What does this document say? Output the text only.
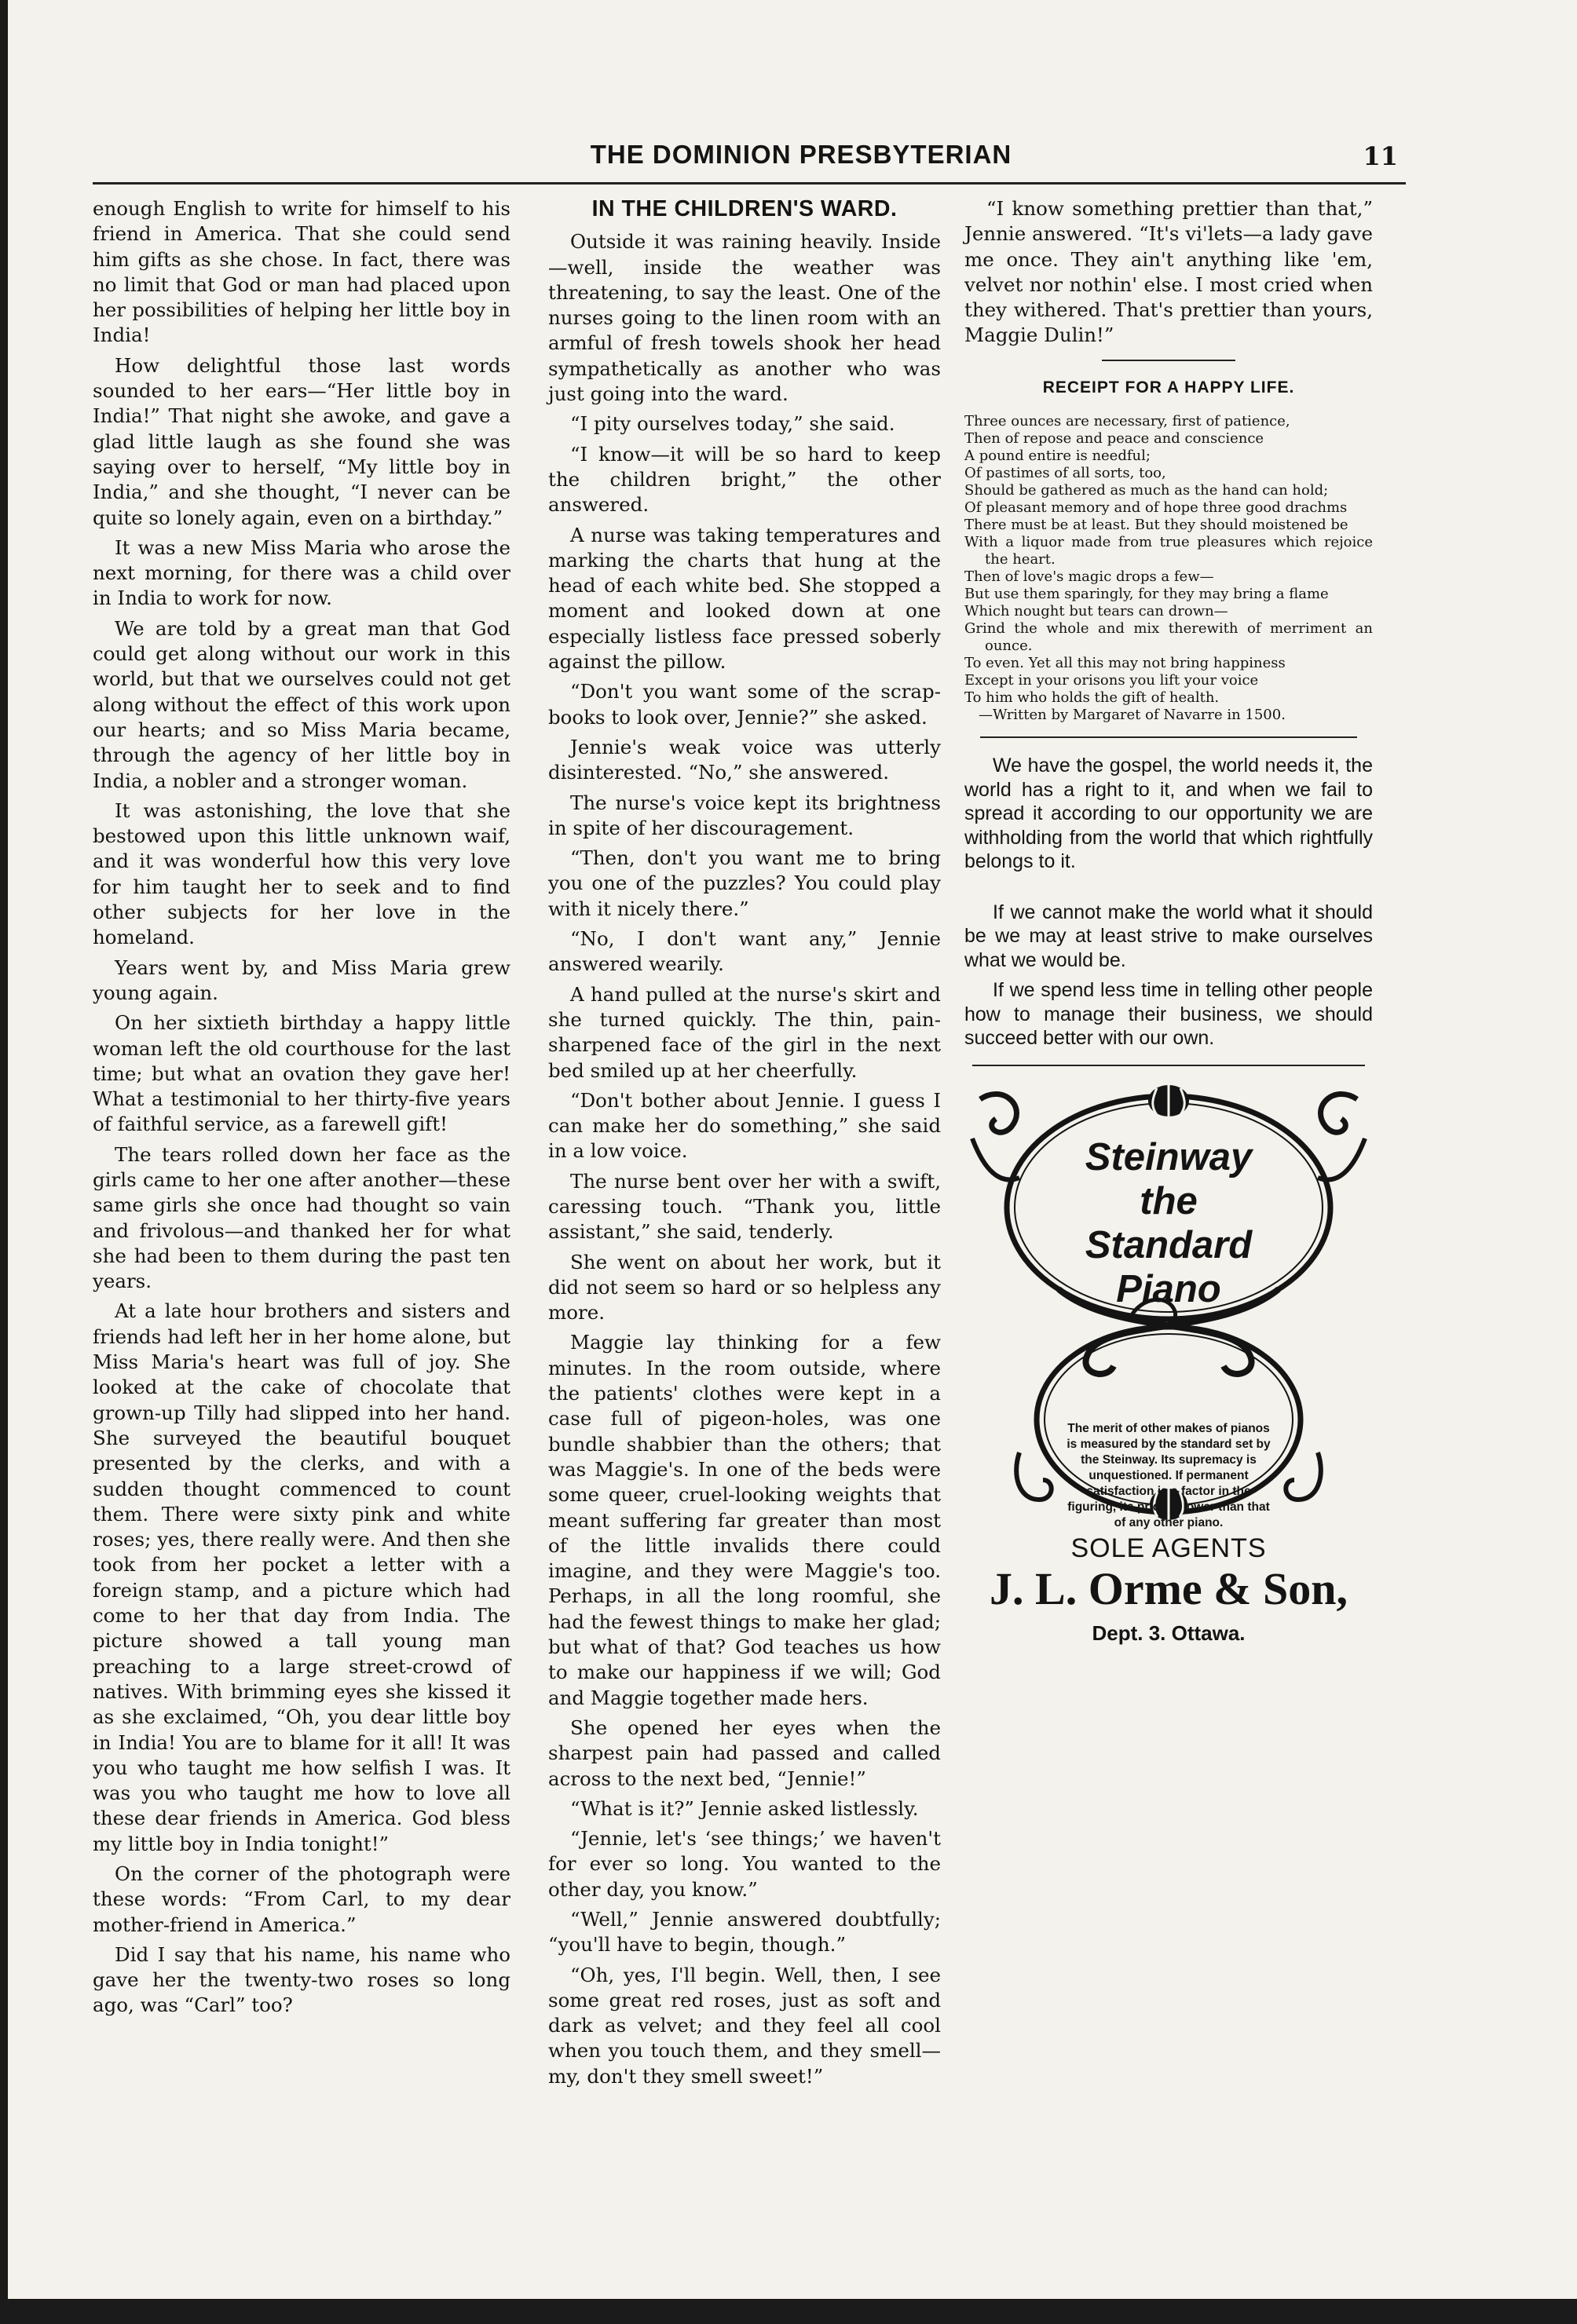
THE DOMINION PRESBYTERIAN	11

enough English to write for himself to his friend in America. That she could send him gifts as she chose. In fact, there was no limit that God or man had placed upon her possibilities of helping her little boy in India!

How delightful those last words sounded to her ears—“Her little boy in India!” That night she awoke, and gave a glad little laugh as she found she was saying over to herself, “My little boy in India,” and she thought, “I never can be quite so lonely again, even on a birthday.”

It was a new Miss Maria who arose the next morning, for there was a child over in India to work for now.

We are told by a great man that God could get along without our work in this world, but that we ourselves could not get along without the effect of this work upon our hearts; and so Miss Maria became, through the agency of her little boy in India, a nobler and a stronger woman.

It was astonishing, the love that she bestowed upon this little unknown waif, and it was wonderful how this very love for him taught her to seek and to find other subjects for her love in the homeland.

Years went by, and Miss Maria grew young again.

On her sixtieth birthday a happy little woman left the old courthouse for the last time; but what an ovation they gave her! What a testimonial to her thirty-five years of faithful service, as a farewell gift!

The tears rolled down her face as the girls came to her one after another—these same girls she once had thought so vain and frivolous—and thanked her for what she had been to them during the past ten years.

At a late hour brothers and sisters and friends had left her in her home alone, but Miss Maria's heart was full of joy. She looked at the cake of chocolate that grown-up Tilly had slipped into her hand. She surveyed the beautiful bouquet presented by the clerks, and with a sudden thought commenced to count them. There were sixty pink and white roses; yes, there really were. And then she took from her pocket a letter with a foreign stamp, and a picture which had come to her that day from India. The picture showed a tall young man preaching to a large street-crowd of natives. With brimming eyes she kissed it as she exclaimed, “Oh, you dear little boy in India! You are to blame for it all! It was you who taught me how selfish I was. It was you who taught me how to love all these dear friends in America. God bless my little boy in India tonight!”

On the corner of the photograph were these words: “From Carl, to my dear mother-friend in America.”

Did I say that his name, his name who gave her the twenty-two roses so long ago, was “Carl” too?

IN THE CHILDREN'S WARD.

Outside it was raining heavily. Inside—well, inside the weather was threatening, to say the least. One of the nurses going to the linen room with an armful of fresh towels shook her head sympathetically as another who was just going into the ward.

“I pity ourselves today,” she said.

“I know—it will be so hard to keep the children bright,” the other answered.

A nurse was taking temperatures and marking the charts that hung at the head of each white bed. She stopped a moment and looked down at one especially listless face pressed soberly against the pillow.

“Don't you want some of the scrap-books to look over, Jennie?” she asked.

Jennie's weak voice was utterly disinterested. “No,” she answered.

The nurse's voice kept its brightness in spite of her discouragement.

“Then, don't you want me to bring you one of the puzzles? You could play with it nicely there.”

“No, I don't want any,” Jennie answered wearily.

A hand pulled at the nurse's skirt and she turned quickly. The thin, pain-sharpened face of the girl in the next bed smiled up at her cheerfully.

“Don't bother about Jennie. I guess I can make her do something,” she said in a low voice.

The nurse bent over her with a swift, caressing touch. “Thank you, little assistant,” she said, tenderly.

She went on about her work, but it did not seem so hard or so helpless any more.

Maggie lay thinking for a few minutes. In the room outside, where the patients' clothes were kept in a case full of pigeon-holes, was one bundle shabbier than the others; that was Maggie's. In one of the beds were some queer, cruel-looking weights that meant suffering far greater than most of the little invalids there could imagine, and they were Maggie's too. Perhaps, in all the long roomful, she had the fewest things to make her glad; but what of that? God teaches us how to make our happiness if we will; God and Maggie together made hers.

She opened her eyes when the sharpest pain had passed and called across to the next bed, “Jennie!”

“What is it?” Jennie asked listlessly.

“Jennie, let's ‘see things;’ we haven't for ever so long. You wanted to the other day, you know.”

“Well,” Jennie answered doubtfully; “you'll have to begin, though.”

“Oh, yes, I'll begin. Well, then, I see some great red roses, just as soft and dark as velvet; and they feel all cool when you touch them, and they smell—my, don't they smell sweet!”

“I know something prettier than that,” Jennie answered. “It's vi'lets—a lady gave me once. They ain't anything like 'em, velvet nor nothin' else. I most cried when they withered. That's prettier than yours, Maggie Dulin!”

RECEIPT FOR A HAPPY LIFE.
Three ounces are necessary, first of patience,
Then of repose and peace and conscience
A pound entire is needful;
Of pastimes of all sorts, too,
Should be gathered as much as the hand can hold;
Of pleasant memory and of hope three good drachms
There must be at least. But they should moistened be
With a liquor made from true pleasures which rejoice the heart.
Then of love's magic drops a few—
But use them sparingly, for they may bring a flame
Which nought but tears can drown—
Grind the whole and mix therewith of merriment an ounce.
To even. Yet all this may not bring happiness
Except in your orisons you lift your voice
To him who holds the gift of health.
—Written by Margaret of Navarre in 1500.

We have the gospel, the world needs it, the world has a right to it, and when we fail to spread it according to our opportunity we are withholding from the world that which rightfully belongs to it.

If we cannot make the world what it should be we may at least strive to make ourselves what we would be.

If we spend less time in telling other people how to manage their business, we should succeed better with our own.

Steinway
the
Standard
Piano
The merit of other makes of pianos is measured by the standard set by the Steinway. Its supremacy is unquestioned. If permanent satisfaction is a factor in the figuring, its price is lower than that of any other piano.
SOLE AGENTS
J. L. Orme & Son,
Dept. 3. Ottawa.
